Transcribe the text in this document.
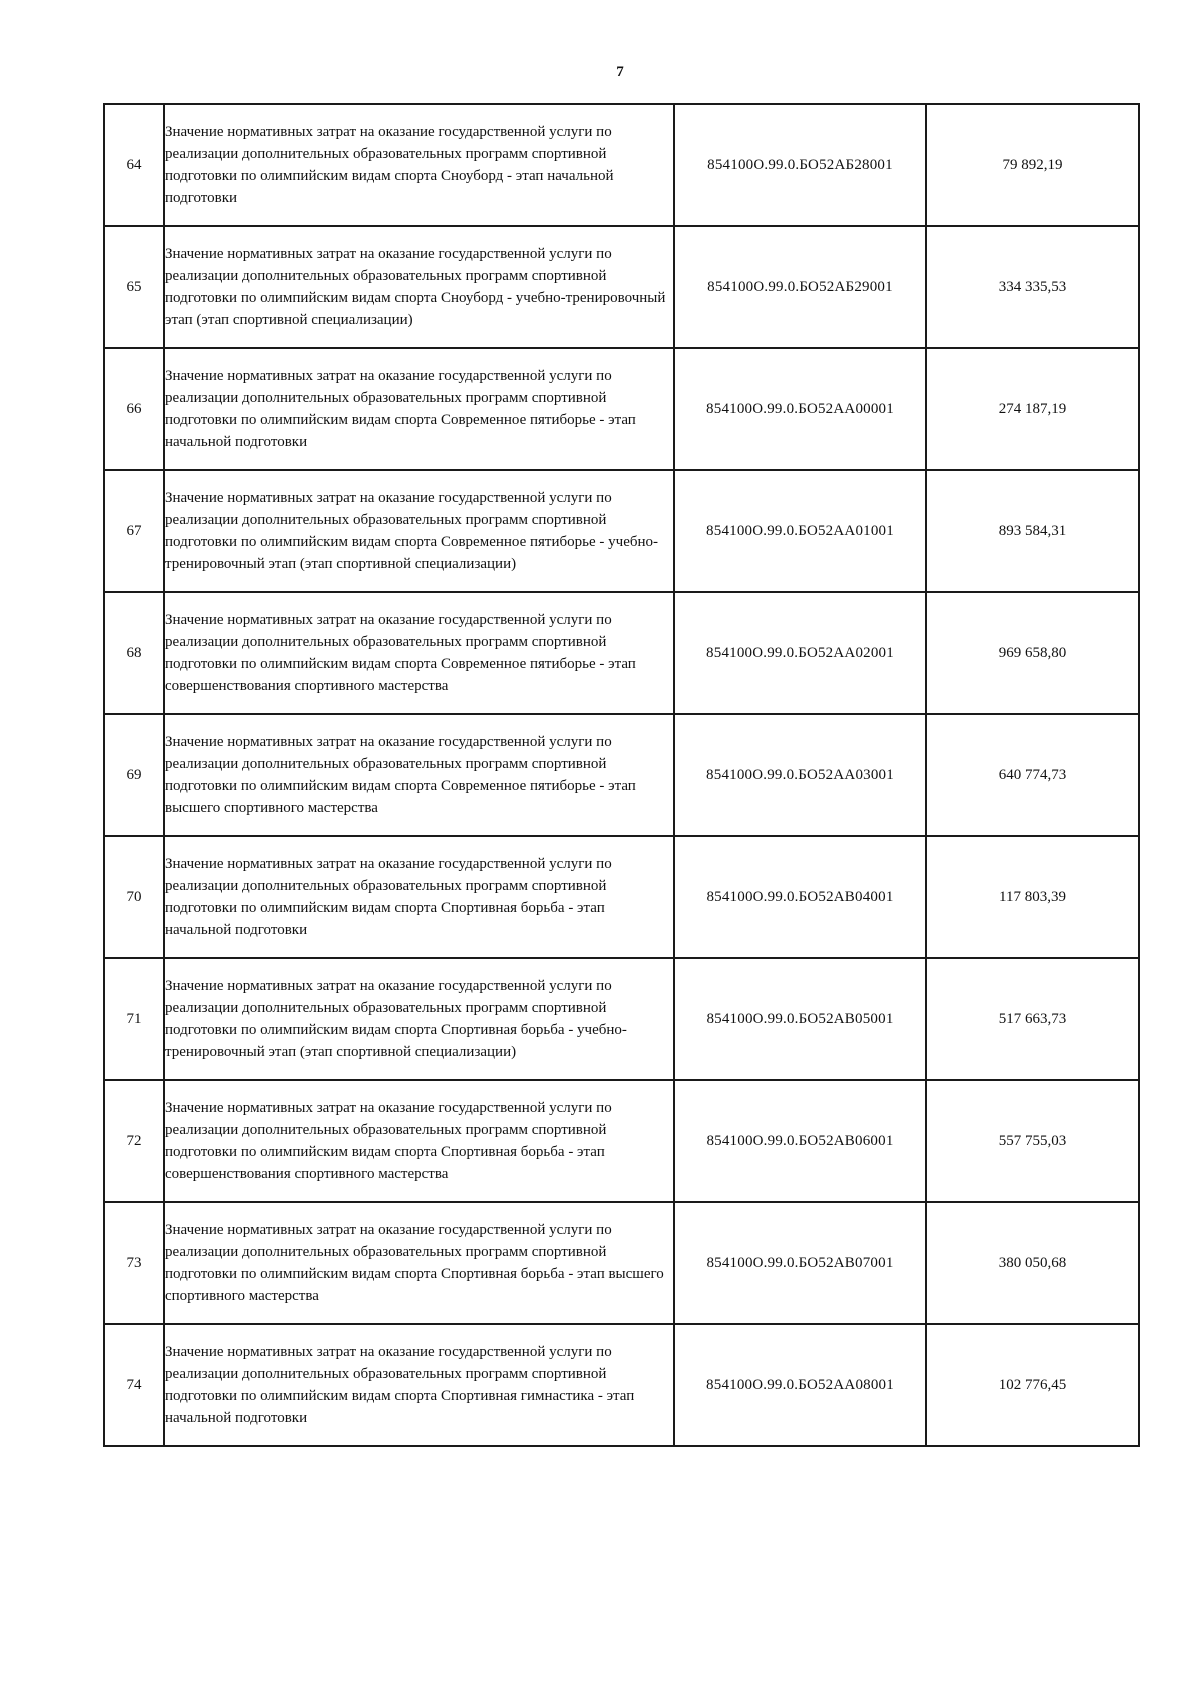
7
64	Значение нормативных затрат на оказание государственной услуги по реализации дополнительных образовательных программ спортивной подготовки по олимпийским видам спорта Сноуборд - этап начальной подготовки	854100О.99.0.БО52АБ28001	79 892,19
65	Значение нормативных затрат на оказание государственной услуги по реализации дополнительных образовательных программ спортивной подготовки по олимпийским видам спорта Сноуборд - учебно-тренировочный этап (этап спортивной специализации)	854100О.99.0.БО52АБ29001	334 335,53
66	Значение нормативных затрат на оказание государственной услуги по реализации дополнительных образовательных программ спортивной подготовки по олимпийским видам спорта Современное пятиборье - этап начальной подготовки	854100О.99.0.БО52АА00001	274 187,19
67	Значение нормативных затрат на оказание государственной услуги по реализации дополнительных образовательных программ спортивной подготовки по олимпийским видам спорта Современное пятиборье - учебно-тренировочный этап (этап спортивной специализации)	854100О.99.0.БО52АА01001	893 584,31
68	Значение нормативных затрат на оказание государственной услуги по реализации дополнительных образовательных программ спортивной подготовки по олимпийским видам спорта Современное пятиборье - этап совершенствования спортивного мастерства	854100О.99.0.БО52АА02001	969 658,80
69	Значение нормативных затрат на оказание государственной услуги по реализации дополнительных образовательных программ спортивной подготовки по олимпийским видам спорта Современное пятиборье - этап высшего спортивного мастерства	854100О.99.0.БО52АА03001	640 774,73
70	Значение нормативных затрат на оказание государственной услуги по реализации дополнительных образовательных программ спортивной подготовки по олимпийским видам спорта Спортивная борьба - этап начальной подготовки	854100О.99.0.БО52АВ04001	117 803,39
71	Значение нормативных затрат на оказание государственной услуги по реализации дополнительных образовательных программ спортивной подготовки по олимпийским видам спорта Спортивная борьба - учебно-тренировочный этап (этап спортивной специализации)	854100О.99.0.БО52АВ05001	517 663,73
72	Значение нормативных затрат на оказание государственной услуги по реализации дополнительных образовательных программ спортивной подготовки по олимпийским видам спорта Спортивная борьба - этап совершенствования спортивного мастерства	854100О.99.0.БО52АВ06001	557 755,03
73	Значение нормативных затрат на оказание государственной услуги по реализации дополнительных образовательных программ спортивной подготовки по олимпийским видам спорта Спортивная борьба - этап высшего спортивного мастерства	854100О.99.0.БО52АВ07001	380 050,68
74	Значение нормативных затрат на оказание государственной услуги по реализации дополнительных образовательных программ спортивной подготовки по олимпийским видам спорта Спортивная гимнастика - этап начальной подготовки	854100О.99.0.БО52АА08001	102 776,45
